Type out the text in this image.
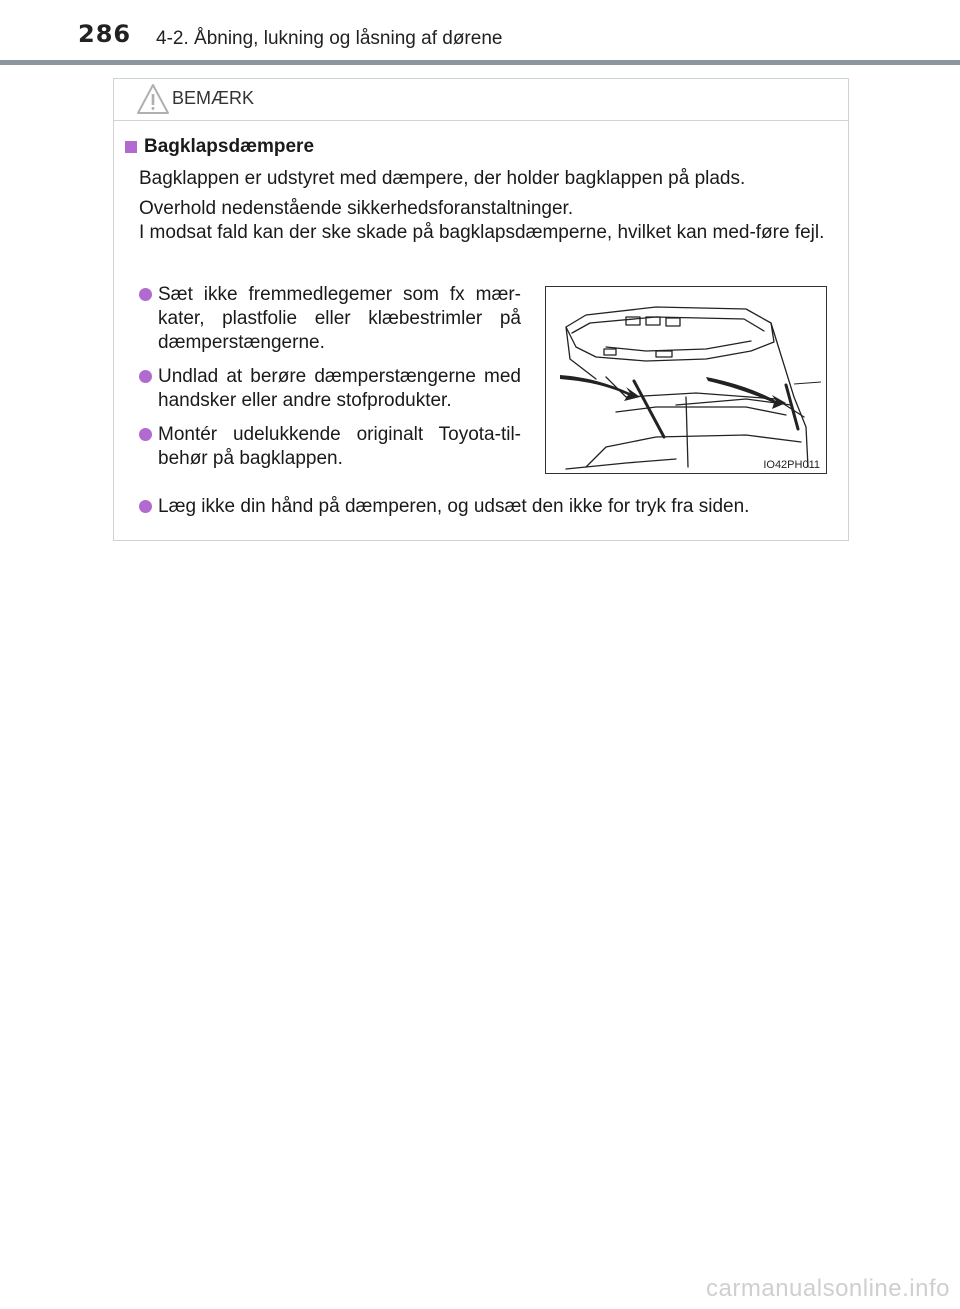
286 4-2. Åbning, lukning og låsning af dørene
BEMÆRK
Bagklapsdæmpere
Bagklappen er udstyret med dæmpere, der holder bagklappen på plads.
Overhold nedenstående sikkerhedsforanstaltninger.
I modsat fald kan der ske skade på bagklapsdæmperne, hvilket kan med-føre fejl.
Sæt ikke fremmedlegemer som fx mær-kater, plastfolie eller klæbestrimler på dæmperstængerne.
Undlad at berøre dæmperstængerne med handsker eller andre stofprodukter.
Montér udelukkende originalt Toyota-til-behør på bagklappen.	IO42PH011
Læg ikke din hånd på dæmperen, og udsæt den ikke for tryk fra siden.
carmanualsonline.info
